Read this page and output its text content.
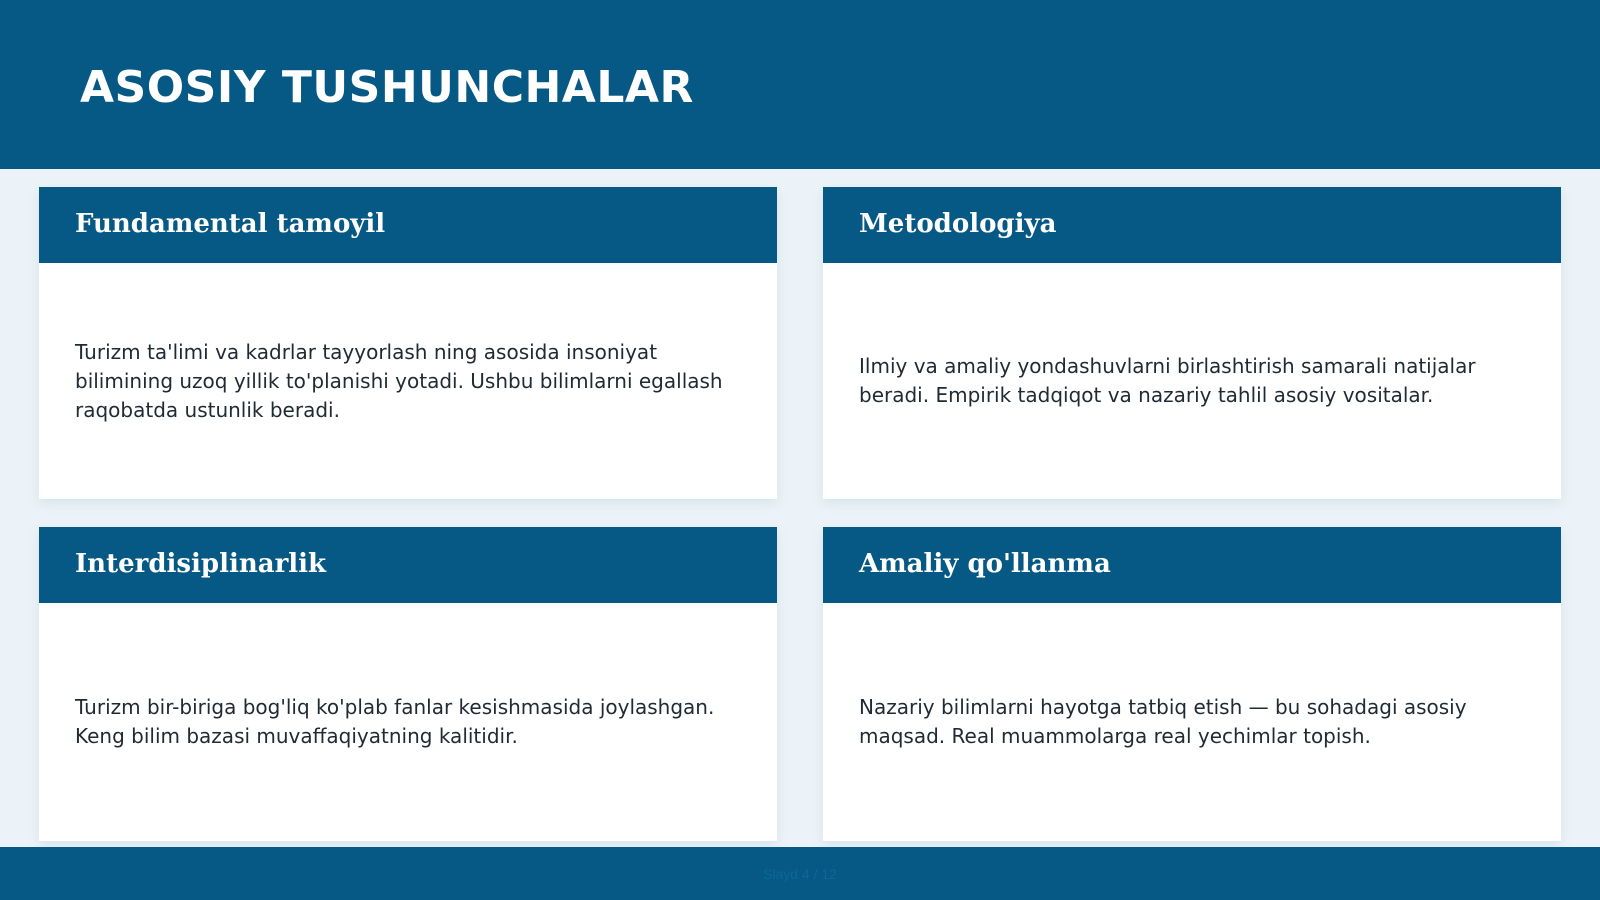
ASOSIY TUSHUNCHALAR
Fundamental tamoyil

Turizm ta'limi va kadrlar tayyorlash ning asosida insoniyat bilimining uzoq yillik to'planishi yotadi. Ushbu bilimlarni egallash raqobatda ustunlik beradi.

Metodologiya

Ilmiy va amaliy yondashuvlarni birlashtirish samarali natijalar beradi. Empirik tadqiqot va nazariy tahlil asosiy vositalar.

Interdisiplinarlik

Turizm bir-biriga bog'liq ko'plab fanlar kesishmasida joylashgan. Keng bilim bazasi muvaffaqiyatning kalitidir.

Amaliy qo'llanma

Nazariy bilimlarni hayotga tatbiq etish — bu sohadagi asosiy maqsad. Real muammolarga real yechimlar topish.

Slayd 4 / 12
